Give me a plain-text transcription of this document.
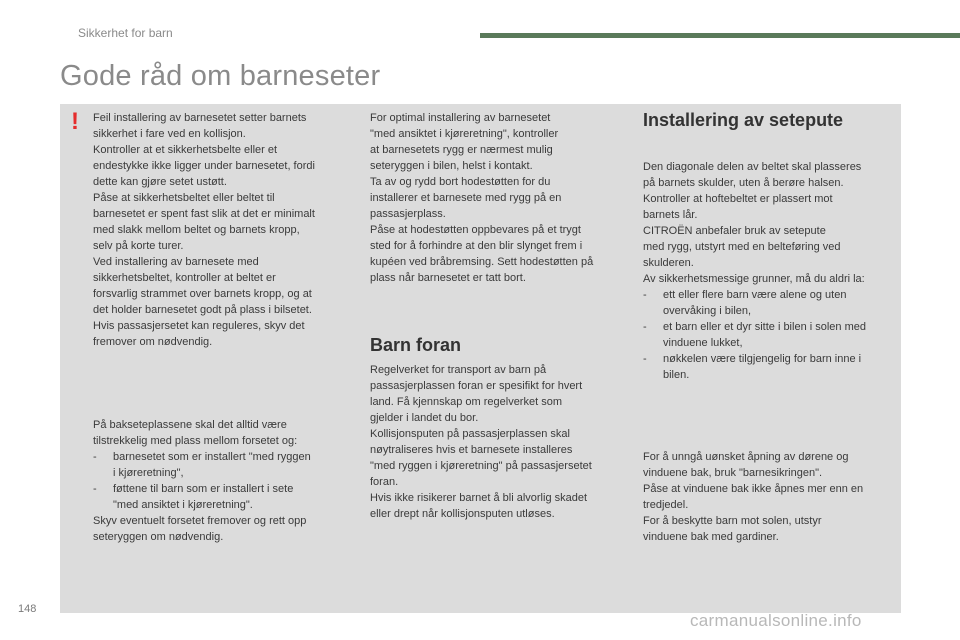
Sikkerhet for barn
Gode råd om barneseter
! Feil installering av barnesetet setter barnets

sikkerhet i fare ved en kollisjon.

Kontroller at et sikkerhetsbelte eller et

endestykke ikke ligger under barnesetet, fordi

dette kan gjøre setet ustøtt.

Påse at sikkerhetsbeltet eller beltet til

barnesetet er spent fast slik at det er minimalt

med slakk mellom beltet og barnets kropp,

selv på korte turer.

Ved installering av barnesete med

sikkerhetsbeltet, kontroller at beltet er

forsvarlig strammet over barnets kropp, og at

det holder barnesetet godt på plass i bilsetet.

Hvis passasjersetet kan reguleres, skyv det

fremover om nødvendig.

På bakseteplassene skal det alltid være

tilstrekkelig med plass mellom forsetet og:

-	barnesetet som er installert "med ryggen

i kjøreretning",

-	føttene til barn som er installert i sete

"med ansiktet i kjøreretning".

Skyv eventuelt forsetet fremover og rett opp

seteryggen om nødvendig.

For optimal installering av barnesetet

"med ansiktet i kjøreretning", kontroller

at barnesetets rygg er nærmest mulig

seteryggen i bilen, helst i kontakt.

Ta av og rydd bort hodestøtten for du

installerer et barnesete med rygg på en

passasjerplass.

Påse at hodestøtten oppbevares på et trygt

sted for å forhindre at den blir slynget frem i

kupéen ved bråbremsing. Sett hodestøtten på

plass når barnesetet er tatt bort.

Barn foran

Regelverket for transport av barn på

passasjerplassen foran er spesifikt for hvert

land. Få kjennskap om regelverket som

gjelder i landet du bor.

Kollisjonsputen på passasjerplassen skal

nøytraliseres hvis et barnesete installeres

"med ryggen i kjøreretning" på passasjersetet

foran.

Hvis ikke risikerer barnet å bli alvorlig skadet

eller drept når kollisjonsputen utløses.

Installering av setepute

Den diagonale delen av beltet skal plasseres

på barnets skulder, uten å berøre halsen.

Kontroller at hoftebeltet er plassert mot

barnets lår.

CITROËN anbefaler bruk av setepute

med rygg, utstyrt med en belteføring ved

skulderen.

Av sikkerhetsmessige grunner, må du aldri la:

-	ett eller flere barn være alene og uten

overvåking i bilen,

-	et barn eller et dyr sitte i bilen i solen med

vinduene lukket,

-	nøkkelen være tilgjengelig for barn inne i

bilen.

For å unngå uønsket åpning av dørene og

vinduene bak, bruk "barnesikringen".

Påse at vinduene bak ikke åpnes mer enn en

tredjedel.

For å beskytte barn mot solen, utstyr

vinduene bak med gardiner.

148
carmanualsonline.info
